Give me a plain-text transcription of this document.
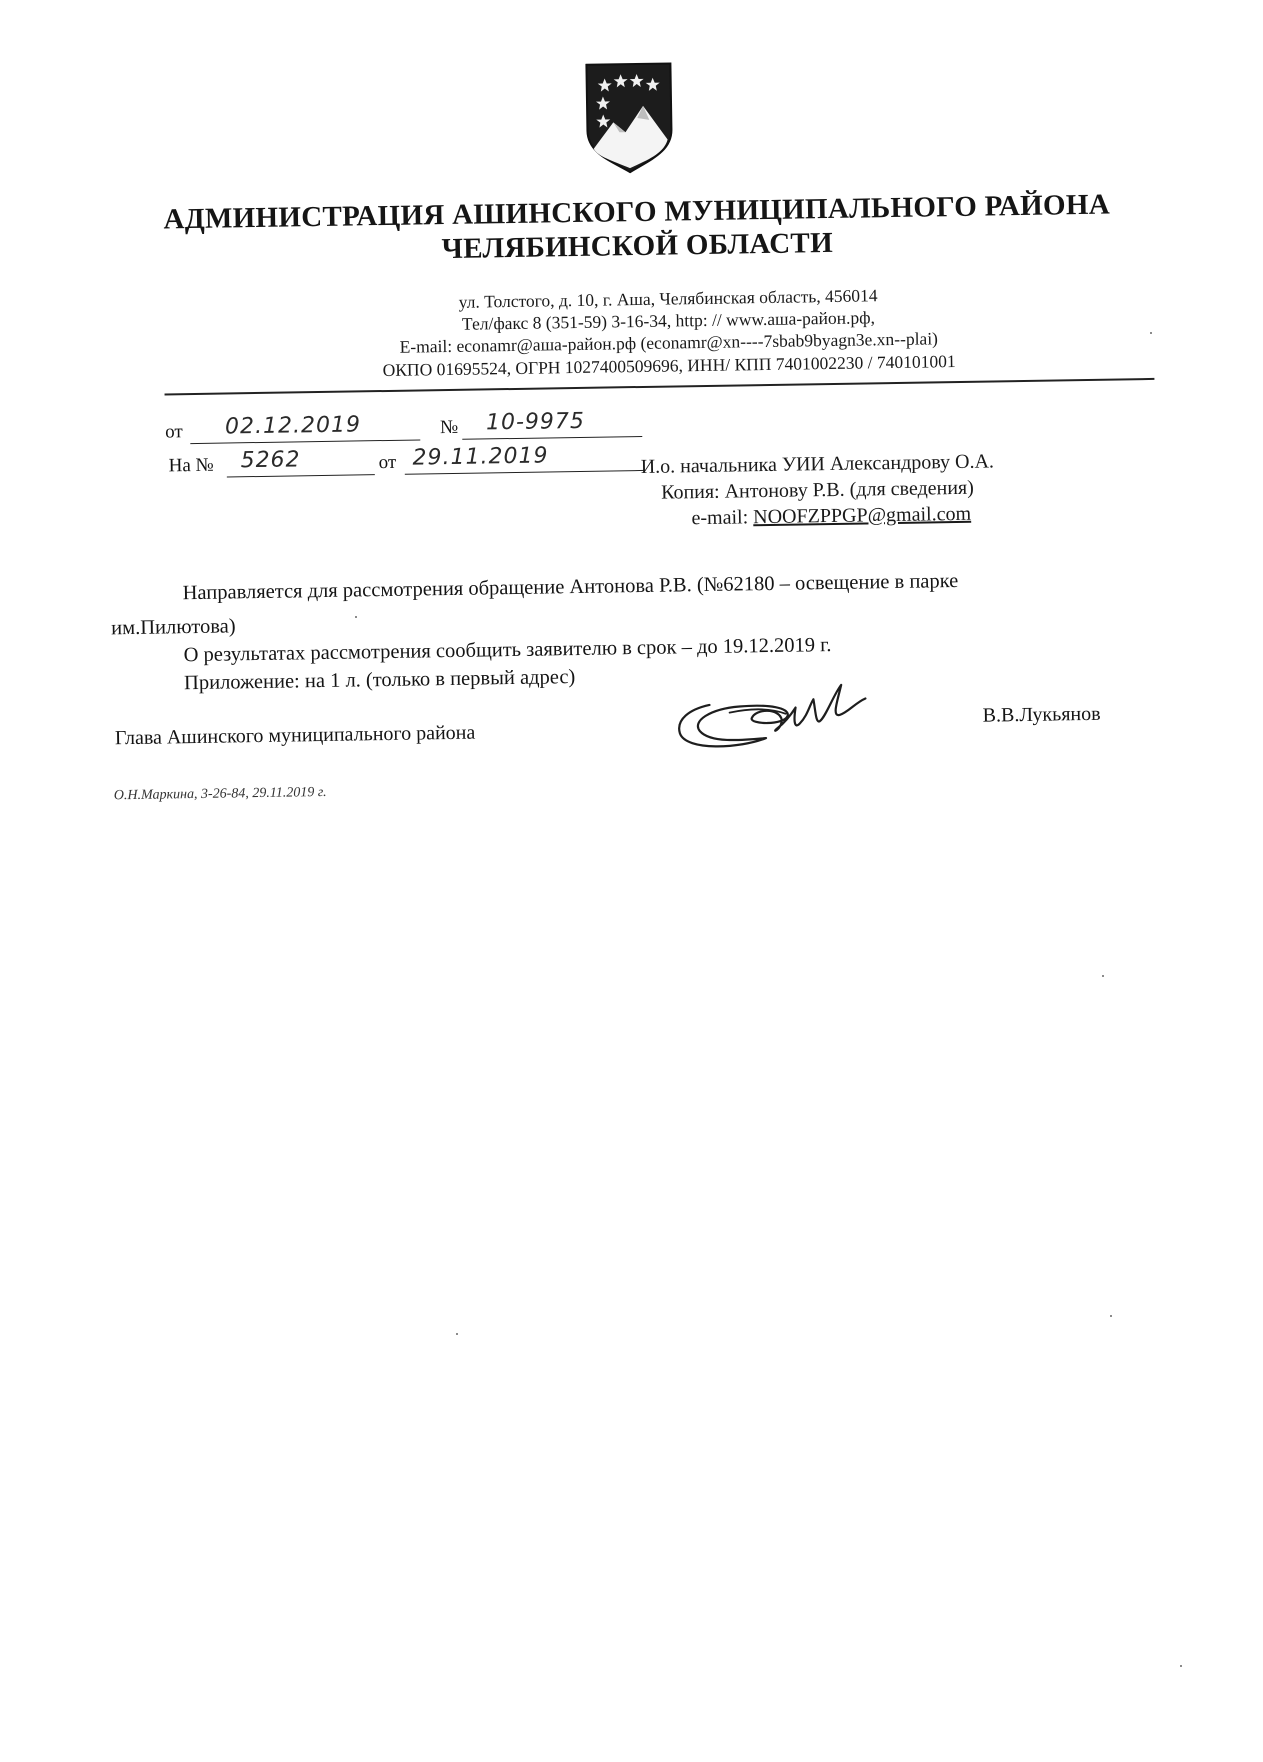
АДМИНИСТРАЦИЯ АШИНСКОГО МУНИЦИПАЛЬНОГО РАЙОНА
ЧЕЛЯБИНСКОЙ ОБЛАСТИ
ул. Толстого, д. 10, г. Аша, Челябинская область, 456014
Тел/факс 8 (351-59) 3-16-34, http: // www.аша-район.рф,
E-mail: econamr@аша-район.рф (econamr@xn----7sbab9byagn3e.xn--plai)
ОКПО 01695524, ОГРН 1027400509696, ИНН/ КПП 7401002230 / 740101001
от 02.12.2019	№ 10-9975
На № 5262	от 29.11.2019	И.о. начальника УИИ Александрову О.А.
Копия: Антонову Р.В. (для сведения)
e-mail: NOOFZPPGP@gmail.com
Направляется для рассмотрения обращение Антонова Р.В. (№62180 – освещение в парке
им.Пилютова)
О результатах рассмотрения сообщить заявителю в срок – до 19.12.2019 г.
Приложение: на 1 л. (только в первый адрес)
Глава Ашинского муниципального района
В.В.Лукьянов
О.Н.Маркина, 3-26-84, 29.11.2019 г.
